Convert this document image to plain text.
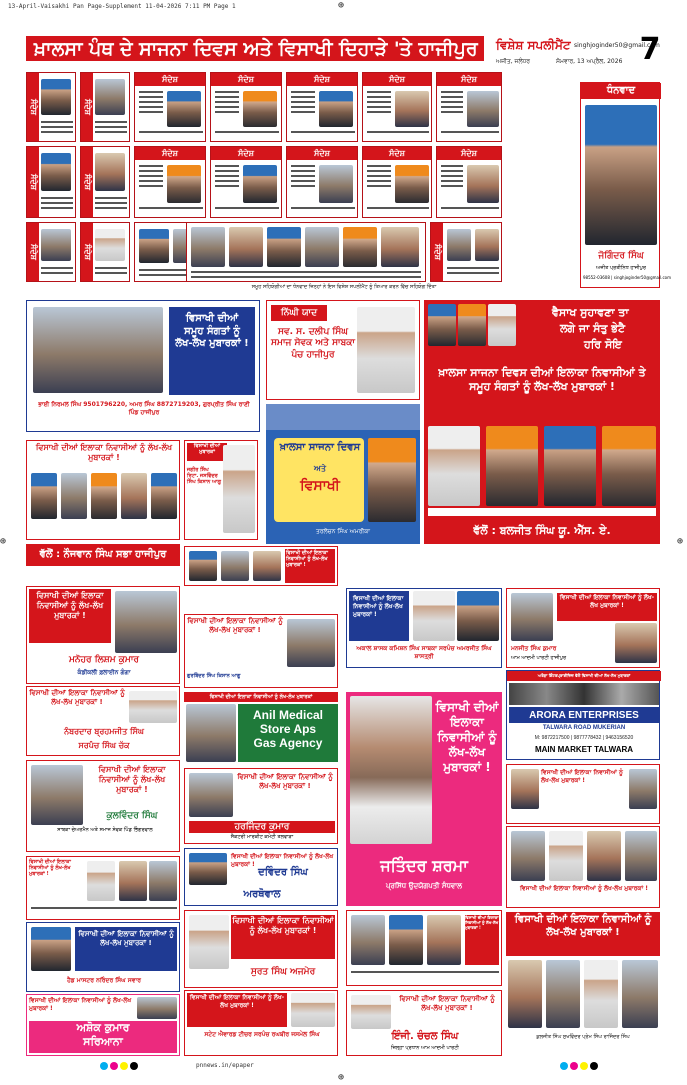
13-April-Vaisakhi Pan Page-Supplement 11-04-2026 7:11 PM Page 1	⊕
⊕	⊕
ਖ਼ਾਲਸਾ ਪੰਥ ਦੇ ਸਾਜਨਾ ਦਿਵਸ ਅਤੇ ਵਿਸਾਖੀ ਦਿਹਾੜੇ 'ਤੇ ਹਾਜੀਪੁਰ ਵਿਸ਼ੇਸ਼ ਸਪਲੀਮੈਂਟ singhjoginder50@gmail.com
ਅਜੀਤ, ਜਲੰਧਰ	ਸੋਮਵਾਰ, 13 ਅਪ੍ਰੈਲ, 2026 7
ਸੰਦੇਸ਼	ਸੰਦੇਸ਼
ਸੰਦੇਸ਼	ਸੰਦੇਸ਼	ਸੰਦੇਸ਼	ਸੰਦੇਸ਼	ਸੰਦੇਸ਼
ਸੰਦੇਸ਼	ਸੰਦੇਸ਼
ਸੰਦੇਸ਼	ਸੰਦੇਸ਼	ਸੰਦੇਸ਼	ਸੰਦੇਸ਼	ਸੰਦੇਸ਼
ਸੰਦੇਸ਼	ਸੰਦੇਸ਼	ਸੰਦੇਸ਼
ਸਮੂਹ ਸਹਿਯੋਗੀਆਂ ਦਾ ਧੰਨਵਾਦ ਜਿਨ੍ਹਾਂ ਨੇ ਇਸ ਵਿਸ਼ੇਸ਼ ਸਪਲੀਮੈਂਟ ਨੂੰ ਤਿਆਰ ਕਰਨ ਵਿੱਚ ਸਹਿਯੋਗ ਦਿੱਤਾ
ਧੰਨਵਾਦ
ਜੋਗਿੰਦਰ ਸਿੰਘ
ਅਜੀਤ ਪ੍ਰਤੀਨਿਧ ਹਾਜੀਪੁਰ
98552-03608 | singhjoginder50@gmail.com
ਵਿਸਾਖੀ ਦੀਆਂ ਸਮੂਹ ਸੰਗਤਾਂ ਨੂੰ ਲੱਖ-ਲੱਖ ਮੁਬਾਰਕਾਂ !
ਭਾਈ ਨਿਰਮਲ ਸਿੰਘ 9501796220, ਅਮਰ ਸਿੰਘ 8872719203, ਗੁਰਪ੍ਰੀਤ ਸਿੰਘ ਰਾਣੀ ਪਿੰਡ ਹਾਜੀਪੁਰ
ਨਿੱਘੀ ਯਾਦ
ਸਵ. ਸ. ਦਲੀਪ ਸਿੰਘ ਸਮਾਜ ਸੇਵਕ ਅਤੇ ਸਾਬਕਾ ਪੰਚ ਹਾਜੀਪੁਰ
ਵੈਸਾਖ ਸੁਹਾਵਣਾ ਤਾ
ਲਗੇ ਜਾ ਸੰਤੁ ਭੇਟੈ
ਹਰਿ ਸੋਇ
ਖ਼ਾਲਸਾ ਸਾਜਨਾ ਦਿਵਸ ਦੀਆਂ ਇਲਾਕਾ ਨਿਵਾਸੀਆਂ ਤੇ ਸਮੂਹ ਸੰਗਤਾਂ ਨੂੰ ਲੱਖ-ਲੱਖ ਮੁਬਾਰਕਾਂ !
ਵੱਲੋਂ : ਬਲਜੀਤ ਸਿੰਘ ਯੂ. ਐੱਸ. ਏ.
ਵਿਸਾਖੀ ਦੀਆਂ ਇਲਾਕਾ ਨਿਵਾਸੀਆਂ ਨੂੰ ਲੱਖ-ਲੱਖ ਮੁਬਾਰਕਾਂ !
ਵੱਲੋਂ : ਨੌਜਵਾਨ ਸਿੰਘ ਸਭਾ ਹਾਜੀਪੁਰ
ਵਿਸਾਖੀ ਦੀਆਂ ਮੁਬਾਰਕਾਂ
ਜਗੀਰ ਸਿੰਘ ਰਿਟਾ. ਜਸਵਿੰਦਰ ਸਿੰਘ ਕਿਸਾਨ ਆਗੂ
ਖ਼ਾਲਸਾ ਸਾਜਨਾ ਦਿਵਸ
ਅਤੇ
ਵਿਸਾਖੀ
ਤਰਲੋਚਨ ਸਿੰਘ ਅਮਰੀਕਾ
ਵਿਸਾਖੀ ਦੀਆਂ ਇਲਾਕਾ ਨਿਵਾਸੀਆਂ ਨੂੰ ਲੱਖ-ਲੱਖ ਮੁਬਾਰਕਾਂ !
ਮਨੋਹਰ ਲਿਸ਼ਮ ਕੁਮਾਰ
ਕੰਡੀਕਲੀ ਫ਼ਲਾਈਨ ਗੰਗਾ
ਵਿਸਾਖੀ ਦੀਆਂ ਇਲਾਕਾ ਨਿਵਾਸੀਆਂ ਨੂੰ ਲੱਖ-ਲੱਖ ਮੁਬਾਰਕਾਂ !
ਵਿਸਾਖੀ ਦੀਆਂ ਇਲਾਕਾ ਨਿਵਾਸੀਆਂ ਨੂੰ ਲੱਖ-ਲੱਖ ਮੁਬਾਰਕਾਂ !
ਅਕਾਲ ਸ਼ਾਸਕ ਕਮਿਸ਼ਨ ਸਿੰਘ ਸਾਬਕਾ ਸਰਪੰਚ ਅਮਰਜੀਤ ਸਿੰਘ ਸ਼ਾਸਤ੍ਰੀ
ਵਿਸਾਖੀ ਦੀਆਂ ਇਲਾਕਾ ਨਿਵਾਸੀਆਂ ਨੂੰ ਲੱਖ-ਲੱਖ ਮੁਬਾਰਕਾਂ !
ਗੁਰਬਿੰਦਰ ਸਿੰਘ ਕਿਸਾਨ ਆਗੂ
ਵਿਸਾਖੀ ਦੀਆਂ ਇਲਾਕਾ ਨਿਵਾਸੀਆਂ ਨੂੰ ਲੱਖ-ਲੱਖ ਮੁਬਾਰਕਾਂ !
ਮਨਜੀਤ ਸਿੰਘ ਕੁਮਾਰ
ਆਮ ਆਦਮੀ ਪਾਰਟੀ ਹਾਜੀਪੁਰ
ਵਿਸਾਖੀ ਦੀਆਂ ਇਲਾਕਾ ਨਿਵਾਸੀਆਂ ਨੂੰ ਲੱਖ-ਲੱਖ ਮੁਬਾਰਕਾਂ !
ਨੰਬਰਦਾਰ ਬ੍ਰਹਮਜੀਤ ਸਿੰਘ
ਸਰਪੰਚ ਸਿੰਘ ਚੱਕ
ਵਿਸਾਖੀ ਦੀਆਂ ਇਲਾਕਾ ਨਿਵਾਸੀਆਂ ਨੂੰ ਲੱਖ-ਲੱਖ ਮੁਬਾਰਕਾਂ
Anil Medical
Store Aps
Gas Agency
ਵਿਸਾਖੀ ਦੀਆਂ ਇਲਾਕਾ ਨਿਵਾਸੀਆਂ ਨੂੰ ਲੱਖ-ਲੱਖ ਮੁਬਾਰਕਾਂ !
ਜਤਿੰਦਰ ਸ਼ਰਮਾ
ਪ੍ਰਸਿੱਧ ਉਦਯੋਗਪਤੀ ਸੰਧਵਾਲ
ਅਰੋੜਾ ਇੰਟਰਪ੍ਰਾਈਜ਼ਿਜ਼ ਵੱਲੋਂ ਵਿਸਾਖੀ ਦੀਆਂ ਲੱਖ-ਲੱਖ ਮੁਬਾਰਕਾਂ
ARORA ENTERPRISES
TALWARA ROAD MUKERIAN
M: 9872217500 | 9877778432 | 9463156520
MAIN MARKET TALWARA
ਵਿਸਾਖੀ ਦੀਆਂ ਇਲਾਕਾ ਨਿਵਾਸੀਆਂ ਨੂੰ ਲੱਖ-ਲੱਖ ਮੁਬਾਰਕਾਂ !
ਕੁਲਵਿੰਦਰ ਸਿੰਘ
ਸਾਬਕਾ ਚੇਅਰਮੈਨ ਅਤੇ ਸਮਾਜ ਸੇਵਕ ਪਿੰਡ ਭਿੰਗਰਵਾਲ
ਵਿਸਾਖੀ ਦੀਆਂ ਇਲਾਕਾ ਨਿਵਾਸੀਆਂ ਨੂੰ ਲੱਖ-ਲੱਖ ਮੁਬਾਰਕਾਂ !
ਹਰਜਿੰਦਰ ਕੁਮਾਰ
ਸੈਕਟਰੀ ਮਾਰਕੀਟ ਕਮੇਟੀ ਤਲਵਾੜਾ
ਵਿਸਾਖੀ ਦੀਆਂ ਇਲਾਕਾ ਨਿਵਾਸੀਆਂ ਨੂੰ ਲੱਖ-ਲੱਖ ਮੁਬਾਰਕਾਂ !
ਵਿਸਾਖੀ ਦੀਆਂ ਇਲਾਕਾ ਨਿਵਾਸੀਆਂ ਨੂੰ ਲੱਖ-ਲੱਖ ਮੁਬਾਰਕਾਂ !
ਦਵਿੰਦਰ ਸਿੰਘ
ਅਰਥੋਵਾਲ
ਵਿਸਾਖੀ ਦੀਆਂ ਇਲਾਕਾ ਨਿਵਾਸੀਆਂ ਨੂੰ ਲੱਖ-ਲੱਖ ਮੁਬਾਰਕਾਂ !
ਵਿਸਾਖੀ ਦੀਆਂ ਇਲਾਕਾ ਨਿਵਾਸੀਆਂ ਨੂੰ ਲੱਖ-ਲੱਖ ਮੁਬਾਰਕਾਂ !
ਵਿਸਾਖੀ ਦੀਆਂ ਇਲਾਕਾ ਨਿਵਾਸੀਆਂ ਨੂੰ ਲੱਖ-ਲੱਖ ਮੁਬਾਰਕਾਂ !
ਸੁਰਤ ਸਿੰਘ ਅਜਮੇਰ
ਵਿਸਾਖੀ ਦੀਆਂ ਇਲਾਕਾ ਨਿਵਾਸੀਆਂ ਨੂੰ ਲੱਖ-ਲੱਖ ਮੁਬਾਰਕਾਂ !
ਹੈਡ ਮਾਸਟਰ ਨਰਿੰਦਰ ਸਿੰਘ ਸਵਾਰ
ਵਿਸਾਖੀ ਦੀਆਂ ਇਲਾਕਾ ਨਿਵਾਸੀਆਂ ਨੂੰ ਲੱਖ-ਲੱਖ ਮੁਬਾਰਕਾਂ !
ਵਿਸਾਖੀ ਦੀਆਂ ਇਲਾਕਾ ਨਿਵਾਸੀਆਂ ਨੂੰ ਲੱਖ-ਲੱਖ ਮੁਬਾਰਕਾਂ !
ਕੁਲਜੀਤ ਸਿੰਘ ਸੁਖਵਿੰਦਰ ਪ੍ਰੇਮ ਸਿੰਘ ਰਾਜਿੰਦਰ ਸਿੰਘ
ਵਿਸਾਖੀ ਦੀਆਂ ਇਲਾਕਾ ਨਿਵਾਸੀਆਂ ਨੂੰ ਲੱਖ-ਲੱਖ ਮੁਬਾਰਕਾਂ !
ਅਸ਼ੋਕ ਕੁਮਾਰ
ਸਰਿਆਨਾ
ਵਿਸਾਖੀ ਦੀਆਂ ਇਲਾਕਾ ਨਿਵਾਸੀਆਂ ਨੂੰ ਲੱਖ-ਲੱਖ ਮੁਬਾਰਕਾਂ !
ਸਟੇਟ ਐਵਾਰਡ ਟੀਚਰ ਸਰਪੰਚ ਰਘਬੀਰ ਜਸਮੇਲ ਸਿੰਘ
ਵਿਸਾਖੀ ਦੀਆਂ ਇਲਾਕਾ ਨਿਵਾਸੀਆਂ ਨੂੰ ਲੱਖ-ਲੱਖ ਮੁਬਾਰਕਾਂ !
ਇੰਜੀ. ਚੰਚਲ ਸਿੰਘ
ਜ਼ਿਲ੍ਹਾ ਪ੍ਰਧਾਨ ਆਮ ਆਦਮੀ ਪਾਰਟੀ
pnnews.in/epaper
⊕
